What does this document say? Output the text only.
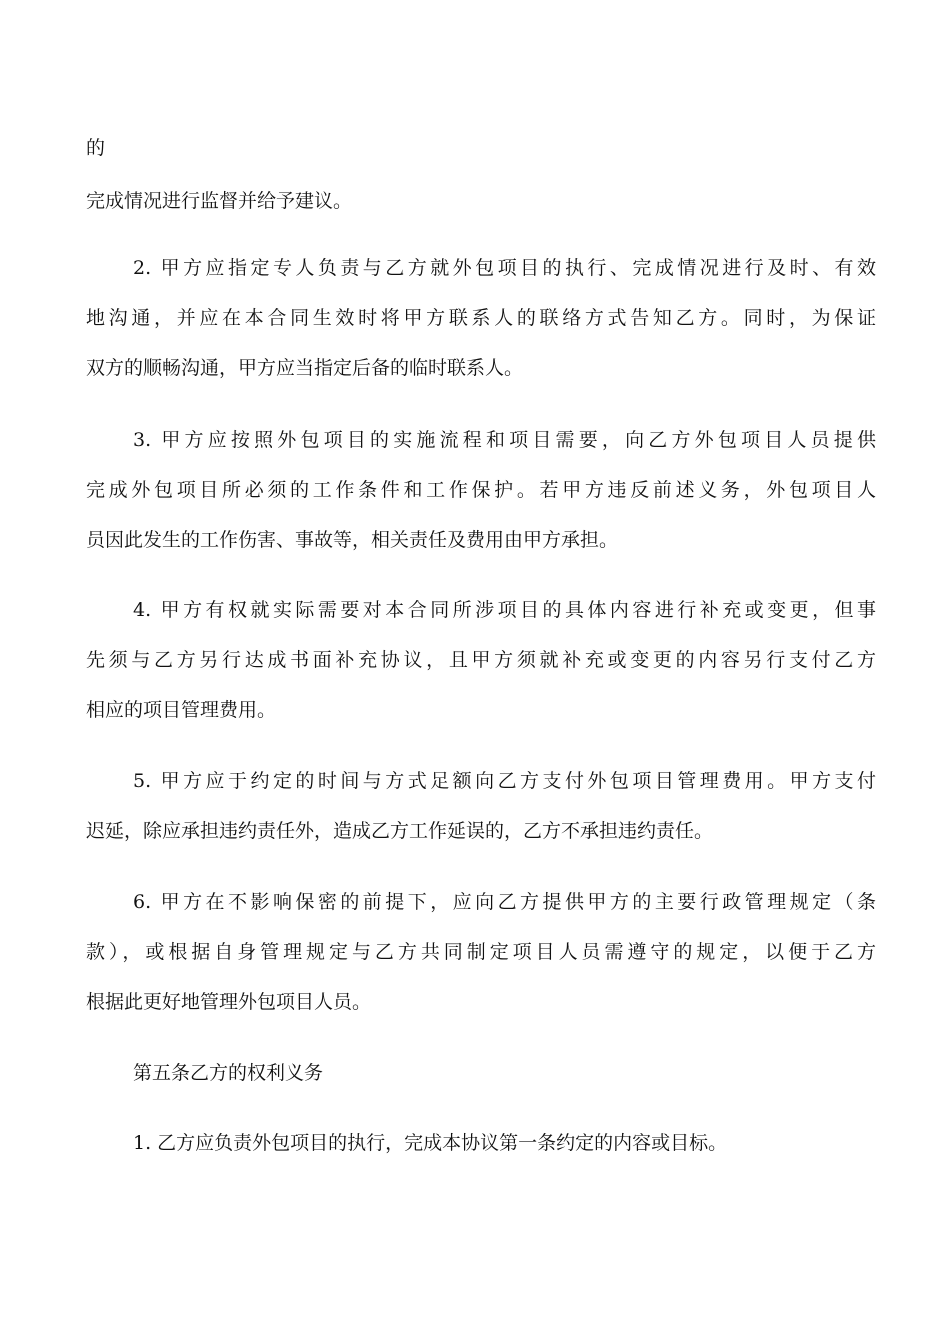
的
完成情况进行监督并给予建议。
2. 甲方应指定专人负责与乙方就外包项目的执行、完成情况进行及时、有效
地沟通，并应在本合同生效时将甲方联系人的联络方式告知乙方。同时，为保证
双方的顺畅沟通，甲方应当指定后备的临时联系人。
3. 甲方应按照外包项目的实施流程和项目需要，向乙方外包项目人员提供
完成外包项目所必须的工作条件和工作保护。若甲方违反前述义务，外包项目人
员因此发生的工作伤害、事故等，相关责任及费用由甲方承担。
4. 甲方有权就实际需要对本合同所涉项目的具体内容进行补充或变更，但事
先须与乙方另行达成书面补充协议，且甲方须就补充或变更的内容另行支付乙方
相应的项目管理费用。
5. 甲方应于约定的时间与方式足额向乙方支付外包项目管理费用。甲方支付
迟延，除应承担违约责任外，造成乙方工作延误的，乙方不承担违约责任。
6. 甲方在不影响保密的前提下，应向乙方提供甲方的主要行政管理规定（条
款），或根据自身管理规定与乙方共同制定项目人员需遵守的规定，以便于乙方
根据此更好地管理外包项目人员。
第五条乙方的权利义务
1. 乙方应负责外包项目的执行，完成本协议第一条约定的内容或目标。
